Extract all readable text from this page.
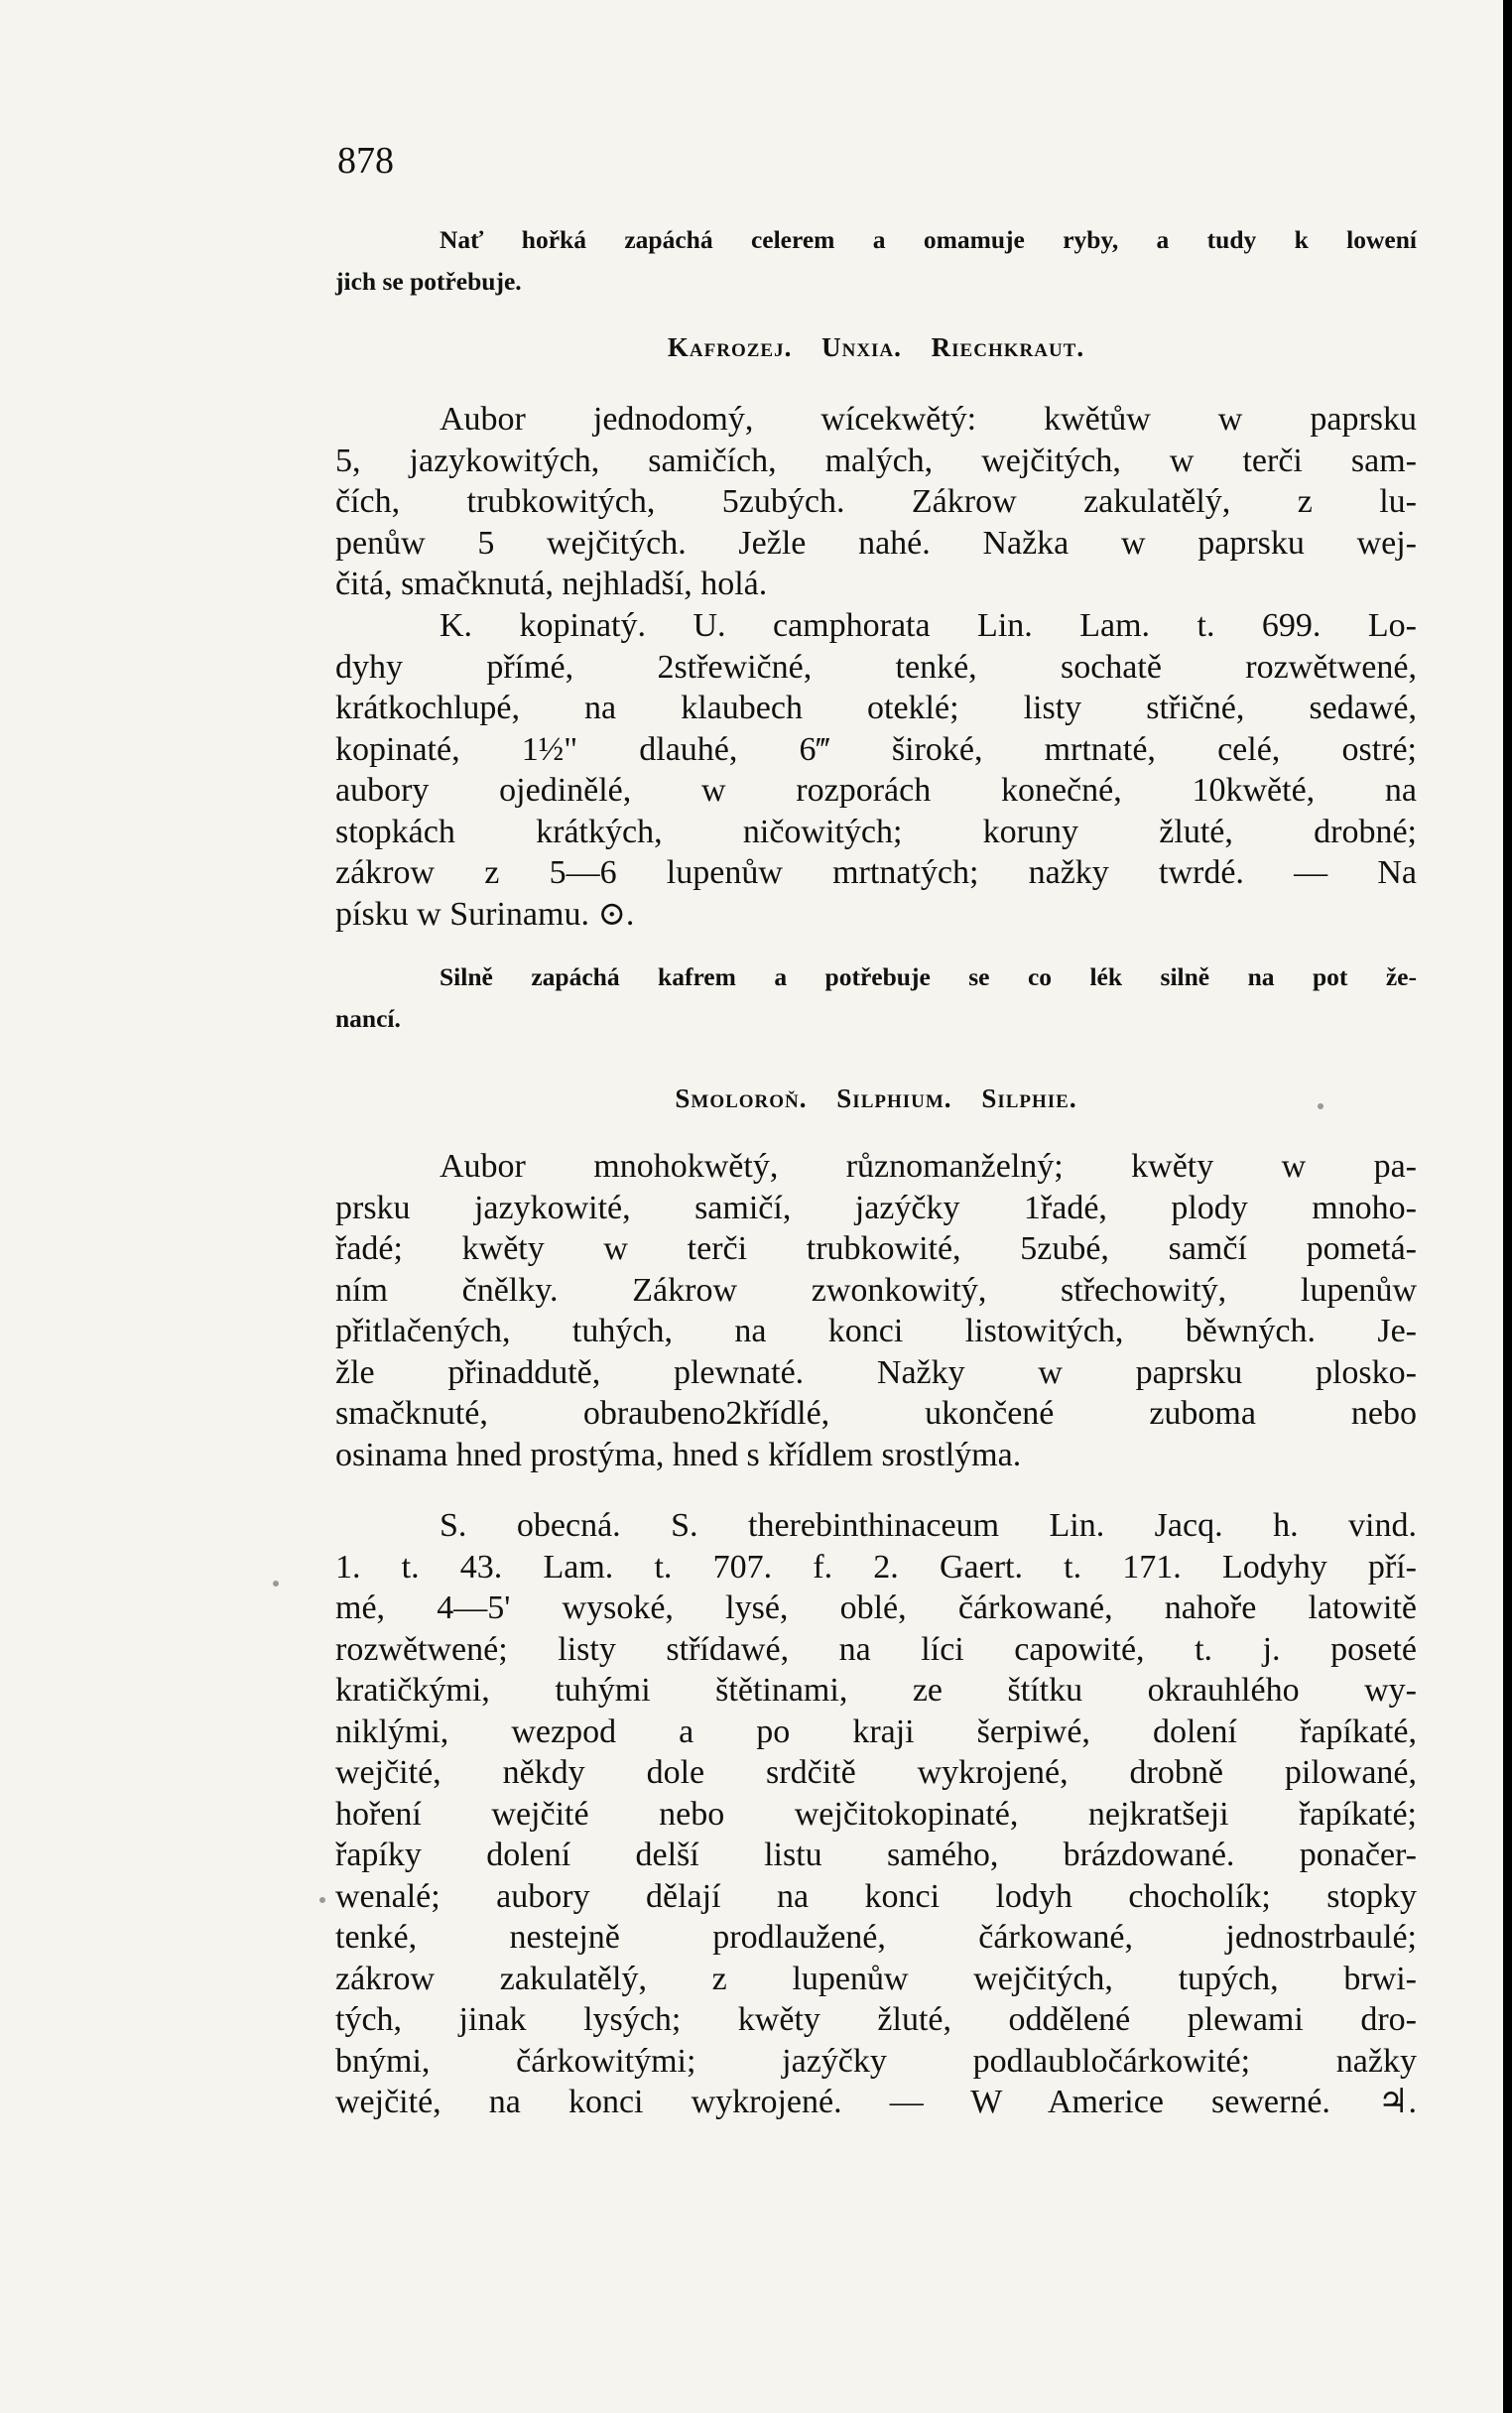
878
Nať hořká zapáchá celerem a omamuje ryby, a tudy k lowení
jich se potřebuje.
Kafrozej. Unxia. Riechkraut.
Aubor jednodomý, wícekwětý: kwětůw w paprsku
5, jazykowitých, samičích, malých, wejčitých, w terči sam-
čích, trubkowitých, 5zubých. Zákrow zakulatělý, z lu-
penůw 5 wejčitých. Ježle nahé. Nažka w paprsku wej-
čitá, smačknutá, nejhladší, holá.
K. kopinatý. U. camphorata Lin. Lam. t. 699. Lo-
dyhy přímé, 2střewičné, tenké, sochatě rozwětwené,
krátkochlupé, na klaubech oteklé; listy střičné, sedawé,
kopinaté, 1½" dlauhé, 6‴ široké, mrtnaté, celé, ostré;
aubory ojedinělé, w rozporách konečné, 10kwěté, na
stopkách krátkých, ničowitých; koruny žluté, drobné;
zákrow z 5—6 lupenůw mrtnatých; nažky twrdé. — Na
písku w Surinamu. ⊙.
Silně zapáchá kafrem a potřebuje se co lék silně na pot že-
nancí.
Smoloroň. Silphium. Silphie.
Aubor mnohokwětý, různomanželný; kwěty w pa-
prsku jazykowité, samičí, jazýčky 1řadé, plody mnoho-
řadé; kwěty w terči trubkowité, 5zubé, samčí pometá-
ním čnělky. Zákrow zwonkowitý, střechowitý, lupenůw
přitlačených, tuhých, na konci listowitých, běwných. Je-
žle přinaddutě, plewnaté. Nažky w paprsku plosko-
smačknuté, obraubeno2křídlé, ukončené zuboma nebo
osinama hned prostýma, hned s křídlem srostlýma.
S. obecná. S. therebinthinaceum Lin. Jacq. h. vind.
1. t. 43. Lam. t. 707. f. 2. Gaert. t. 171. Lodyhy pří-
mé, 4—5' wysoké, lysé, oblé, čárkowané, nahoře latowitě
rozwětwené; listy střídawé, na líci capowité, t. j. poseté
kratičkými, tuhými štětinami, ze štítku okrauhlého wy-
niklými, wezpod a po kraji šerpiwé, dolení řapíkaté,
wejčité, někdy dole srdčitě wykrojené, drobně pilowané,
hoření wejčité nebo wejčitokopinaté, nejkratšeji řapíkaté;
řapíky dolení delší listu samého, brázdowané. ponačer-
wenalé; aubory dělají na konci lodyh chocholík; stopky
tenké, nestejně prodlaužené, čárkowané, jednostrbaulé;
zákrow zakulatělý, z lupenůw wejčitých, tupých, brwi-
tých, jinak lysých; kwěty žluté, oddělené plewami dro-
bnými, čárkowitými; jazýčky podlaubločárkowité; nažky
wejčité, na konci wykrojené. — W Americe sewerné. ♃.
